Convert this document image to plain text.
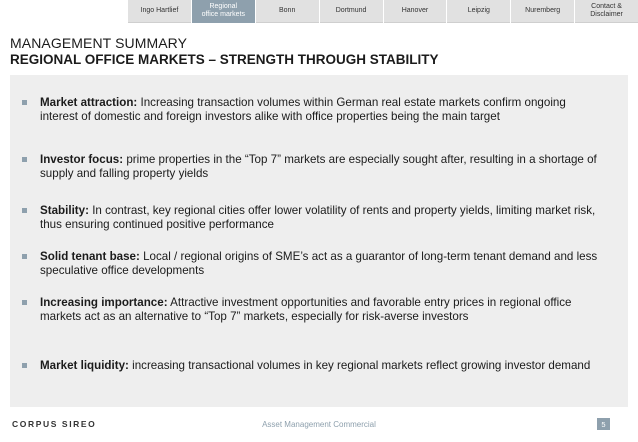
Ingo Hartlief
Regional
office markets
Bonn	Dortmund	Hanover	Leipzig	Nuremberg
Contact &
Disclaimer
MANAGEMENT SUMMARY
REGIONAL OFFICE MARKETS – STRENGTH THROUGH STABILITY
Market attraction: Increasing transaction volumes within German real estate markets confirm ongoing interest of domestic and foreign investors alike with office properties being the main target
Investor focus: prime properties in the “Top 7” markets are especially sought after, resulting in a shortage of supply and falling property yields
Stability: In contrast, key regional cities offer lower volatility of rents and property yields, limiting market risk, thus ensuring continued positive performance
Solid tenant base: Local / regional origins of SME’s act as a guarantor of long-term tenant demand and less speculative office developments
Increasing importance: Attractive investment opportunities and favorable entry prices in regional office markets act as an alternative to “Top 7” markets, especially for risk-averse investors
Market liquidity: increasing transactional volumes in key regional markets reflect growing investor demand
CORPUS SIREO	Asset Management Commercial	5
